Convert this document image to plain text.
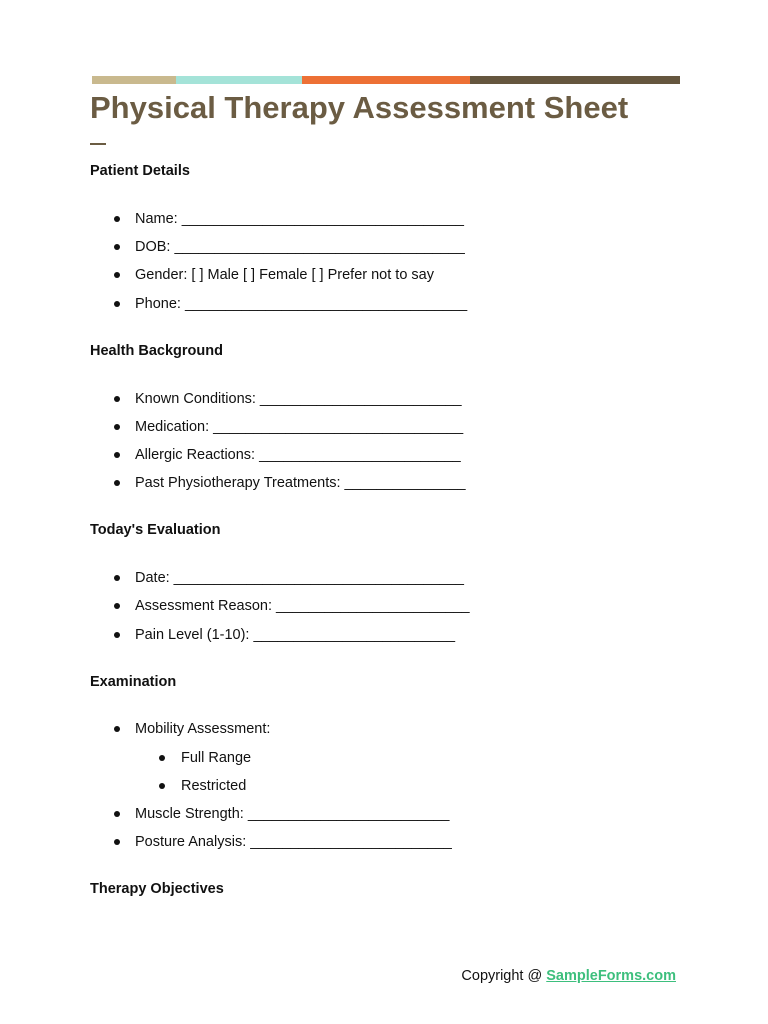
Physical Therapy Assessment Sheet
Patient Details
Name: ___________________________________
DOB: ____________________________________
Gender: [ ] Male [ ] Female [ ] Prefer not to say
Phone: ___________________________________
Health Background
Known Conditions: _________________________
Medication: _______________________________
Allergic Reactions: _________________________
Past Physiotherapy Treatments: _______________
Today's Evaluation
Date: ____________________________________
Assessment Reason: ________________________
Pain Level (1-10): _________________________
Examination
Mobility Assessment:
Full Range
Restricted
Muscle Strength: _________________________
Posture Analysis: _________________________
Therapy Objectives
Copyright @ SampleForms.com
